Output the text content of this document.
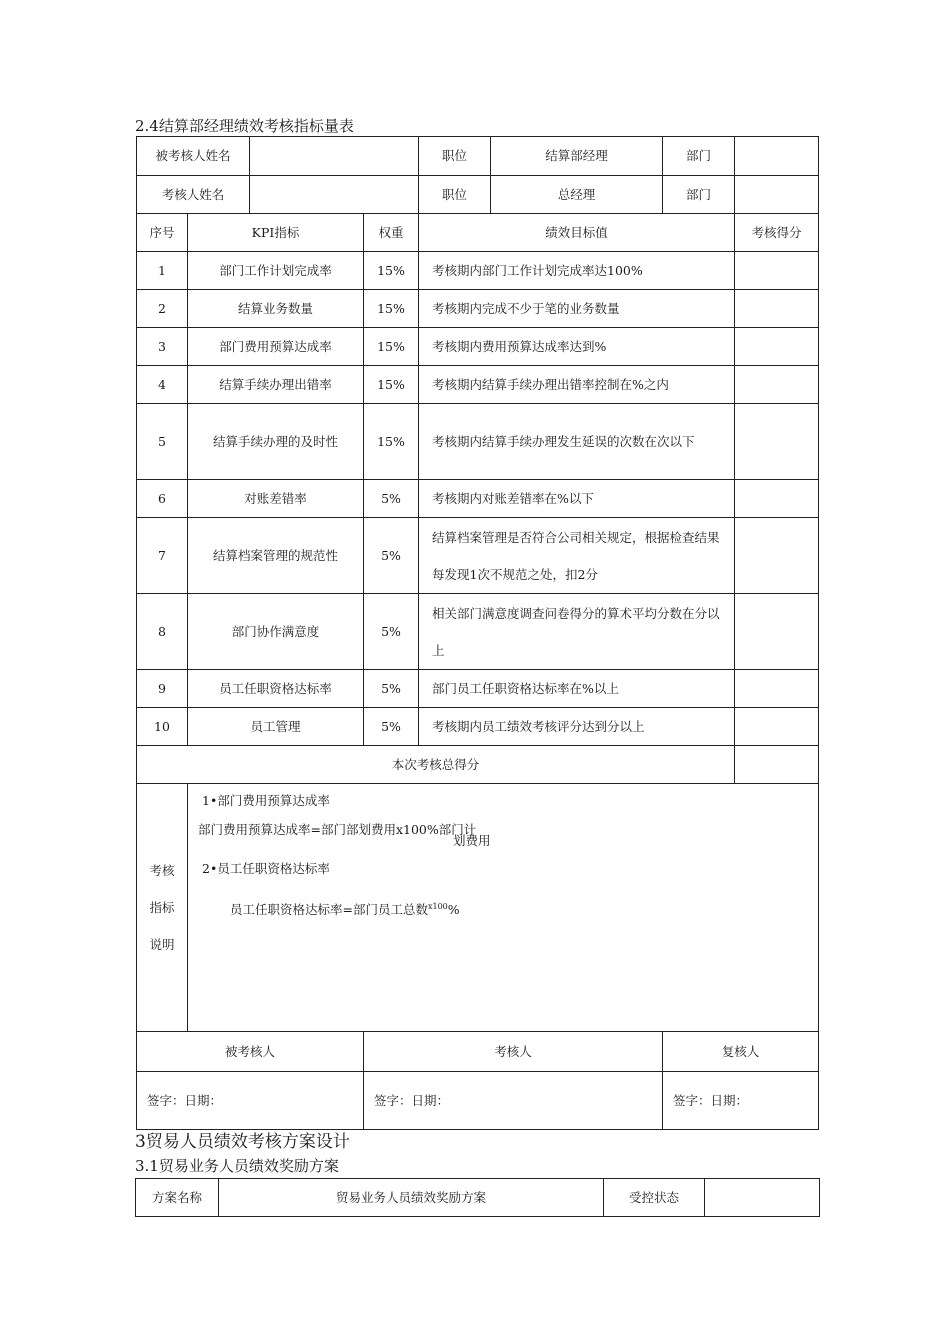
2.4结算部经理绩效考核指标量表
被考核人姓名				职位	结算部经理	部门	
考核人姓名				职位	总经理	部门	
序号	KPI指标		权重	绩效目标值			考核得分
1	部门工作计划完成率		15%	考核期内部门工作计划完成率达100%			
2	结算业务数量		15%	考核期内完成不少于笔的业务数量			
3	部门费用预算达成率		15%	考核期内费用预算达成率达到%			
4	结算手续办理出错率		15%	考核期内结算手续办理出错率控制在%之内			
5	结算手续办理的及时性		15%	考核期内结算手续办理发生延误的次数在次以下			
6	对账差错率		5%	考核期内对账差错率在%以下			
7	结算档案管理的规范性		5%	结算档案管理是否符合公司相关规定，根据检查结果每发现1次不规范之处，扣2分			
8	部门协作满意度		5%	相关部门满意度调查问卷得分的算术平均分数在分以上			
9	员工任职资格达标率		5%	部门员工任职资格达标率在%以上			
10	员工管理		5%	考核期内员工绩效考核评分达到分以上			
本次考核总得分							

考核指标说明	1•部门费用预算达成率
部门费用预算达成率=部门部划费用x100%部门计
划费用
2•员工任职资格达标率
员工任职资格达标率=部门员工总数$^{x100}$%						

被考核人			考核人			复核人	
签字：日期：			签字：日期：			签字：日期：	
3贸易人员绩效考核方案设计
3.1贸易业务人员绩效奖励方案
方案名称	贸易业务人员绩效奖励方案	受控状态	
